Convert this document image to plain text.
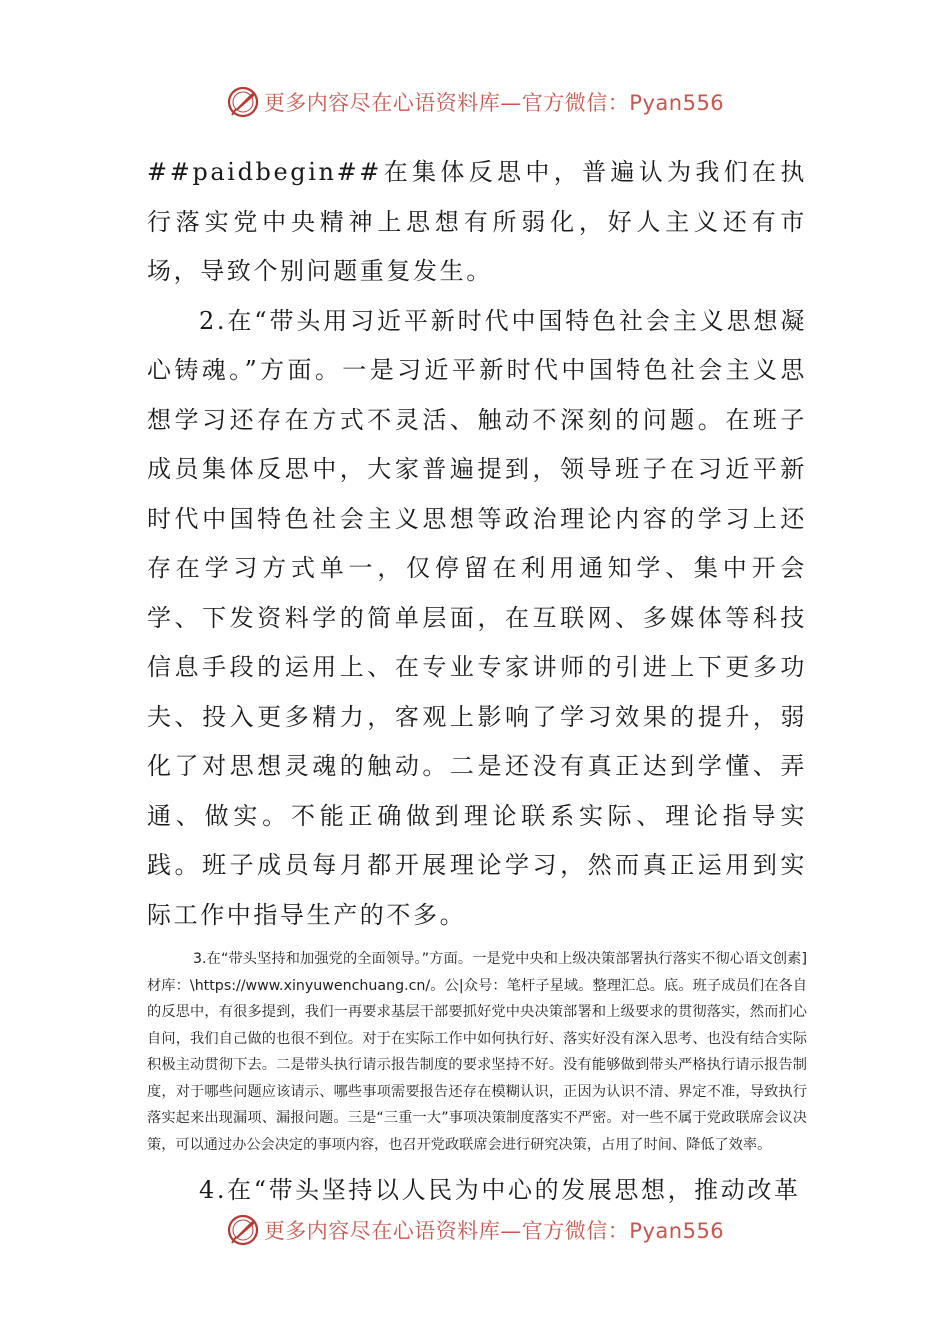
更多内容尽在心语资料库—官方微信：Pyan556

##paidbegin##在集体反思中，普遍认为我们在执行落实党中央精神上思想有所弱化，好人主义还有市场，导致个别问题重复发生。

2.在“带头用习近平新时代中国特色社会主义思想凝心铸魂。”方面。一是习近平新时代中国特色社会主义思想学习还存在方式不灵活、触动不深刻的问题。在班子成员集体反思中，大家普遍提到，领导班子在习近平新时代中国特色社会主义思想等政治理论内容的学习上还存在学习方式单一，仅停留在利用通知学、集中开会学、下发资料学的简单层面，在互联网、多媒体等科技信息手段的运用上、在专业专家讲师的引进上下更多功夫、投入更多精力，客观上影响了学习效果的提升，弱化了对思想灵魂的触动。二是还没有真正达到学懂、弄通、做实。不能正确做到理论联系实际、理论指导实践。班子成员每月都开展理论学习，然而真正运用到实际工作中指导生产的不多。

3.在“带头坚持和加强党的全面领导。”方面。一是党中央和上级决策部署执行落实不彻心语文创素]材库：\https://www.xinyuwenchuang.cn/。公|众号：笔杆子星域。整理汇总。底。班子成员们在各自的反思中，有很多提到，我们一再要求基层干部要抓好党中央决策部署和上级要求的贯彻落实，然而扪心自问，我们自己做的也很不到位。对于在实际工作中如何执行好、落实好没有深入思考、也没有结合实际积极主动贯彻下去。二是带头执行请示报告制度的要求坚持不好。没有能够做到带头严格执行请示报告制度，对于哪些问题应该请示、哪些事项需要报告还存在模糊认识，正因为认识不清、界定不准，导致执行落实起来出现漏项、漏报问题。三是“三重一大”事项决策制度落实不严密。对一些不属于党政联席会议决策，可以通过办公会决定的事项内容，也召开党政联席会进行研究决策，占用了时间、降低了效率。

4.在“带头坚持以人民为中心的发展思想，推动改革

更多内容尽在心语资料库—官方微信：Pyan556
